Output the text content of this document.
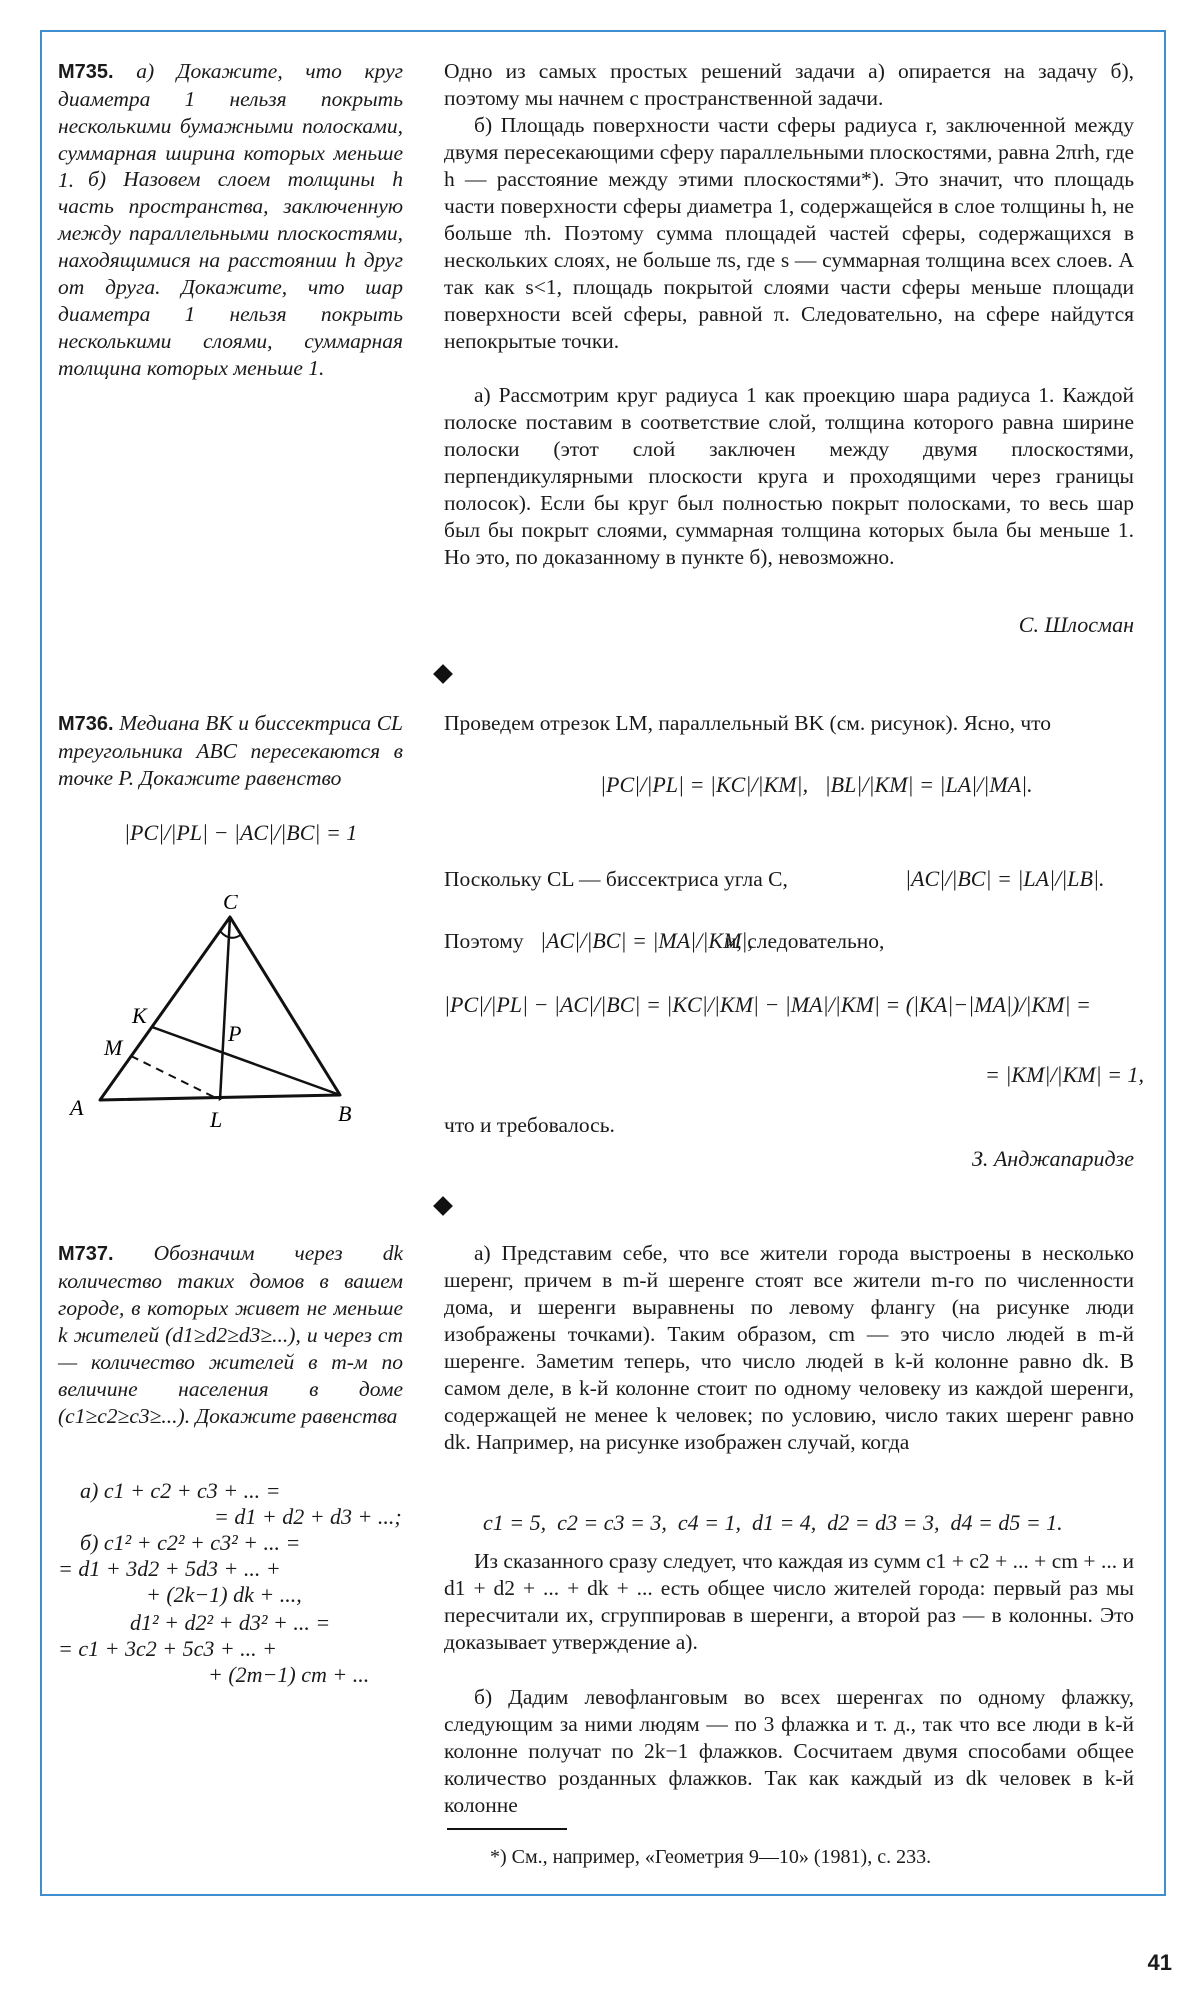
M735. а) Докажите, что круг диаметра 1 нельзя покрыть несколькими бумажными полосками, суммарная ширина которых меньше 1. б) Назовем слоем толщины h часть пространства, заключенную между параллельными плоскостями, находящимися на расстоянии h друг от друга. Докажите, что шар диаметра 1 нельзя покрыть несколькими слоями, суммарная толщина которых меньше 1.

Одно из самых простых решений задачи а) опирается на задачу б), поэтому мы начнем с пространственной задачи.

б) Площадь поверхности части сферы радиуса r, заключенной между двумя пересекающими сферу параллельными плоскостями, равна 2πrh, где h — расстояние между этими плоскостями*). Это значит, что площадь части поверхности сферы диаметра 1, содержащейся в слое толщины h, не больше πh. Поэтому сумма площадей частей сферы, содержащихся в нескольких слоях, не больше πs, где s — суммарная толщина всех слоев. А так как s<1, площадь покрытой слоями части сферы меньше площади поверхности всей сферы, равной π. Следовательно, на сфере найдутся непокрытые точки.

а) Рассмотрим круг радиуса 1 как проекцию шара радиуса 1. Каждой полоске поставим в соответствие слой, толщина которого равна ширине полоски (этот слой заключен между двумя плоскостями, перпендикулярными плоскости круга и проходящими через границы полосок). Если бы круг был полностью покрыт полосками, то весь шар был бы покрыт слоями, суммарная толщина которых была бы меньше 1. Но это, по доказанному в пункте б), невозможно.

С. Шлосман

M736. Медиана BK и биссектриса CL треугольника ABC пересекаются в точке P. Докажите равенство

|PC|/|PL| − |AC|/|BC| = 1

C
K
M
P
A	L	B

Проведем отрезок LM, параллельный BK (см. рисунок). Ясно, что

|PC|/|PL| = |KC|/|KM|,   |BL|/|KM| = |LA|/|MA|.

Поскольку CL — биссектриса угла C,	|AC|/|BC| = |LA|/|LB|.

Поэтому |AC|/|BC| = |MA|/|KM|,

и, следовательно,

|PC|/|PL| − |AC|/|BC| = |KC|/|KM| − |MA|/|KM| = (|KA|−|MA|)/|KM| =

= |KM|/|KM| = 1,

что и требовалось.

З. Анджапаридзе

M737. Обозначим через dk количество таких домов в вашем городе, в которых живет не меньше k жителей (d1≥d2≥d3≥...), и через cm — количество жителей в m-м по величине населения в доме (c1≥c2≥c3≥...). Докажите равенства

а) c1 + c2 + c3 + ... =

= d1 + d2 + d3 + ...;

б) c1² + c2² + c3² + ... =

= d1 + 3d2 + 5d3 + ... +

+ (2k−1) dk + ...,

d1² + d2² + d3² + ... =

= c1 + 3c2 + 5c3 + ... +

+ (2m−1) cm + ...

а) Представим себе, что все жители города выстроены в несколько шеренг, причем в m-й шеренге стоят все жители m-го по численности дома, и шеренги выравнены по левому флангу (на рисунке люди изображены точками). Таким образом, cm — это число людей в m-й шеренге. Заметим теперь, что число людей в k-й колонне равно dk. В самом деле, в k-й колонне стоит по одному человеку из каждой шеренги, содержащей не менее k человек; по условию, число таких шеренг равно dk. Например, на рисунке изображен случай, когда

c1 = 5,  c2 = c3 = 3,  c4 = 1,  d1 = 4,  d2 = d3 = 3,  d4 = d5 = 1.

Из сказанного сразу следует, что каждая из сумм c1 + c2 + ... + cm + ... и d1 + d2 + ... + dk + ... есть общее число жителей города: первый раз мы пересчитали их, сгруппировав в шеренги, а второй раз — в колонны. Это доказывает утверждение а).

б) Дадим левофланговым во всех шеренгах по одному флажку, следующим за ними людям — по 3 флажка и т. д., так что все люди в k-й колонне получат по 2k−1 флажков. Сосчитаем двумя способами общее количество розданных флажков. Так как каждый из dk человек в k-й колонне

*) См., например, «Геометрия 9—10» (1981), с. 233.

41
